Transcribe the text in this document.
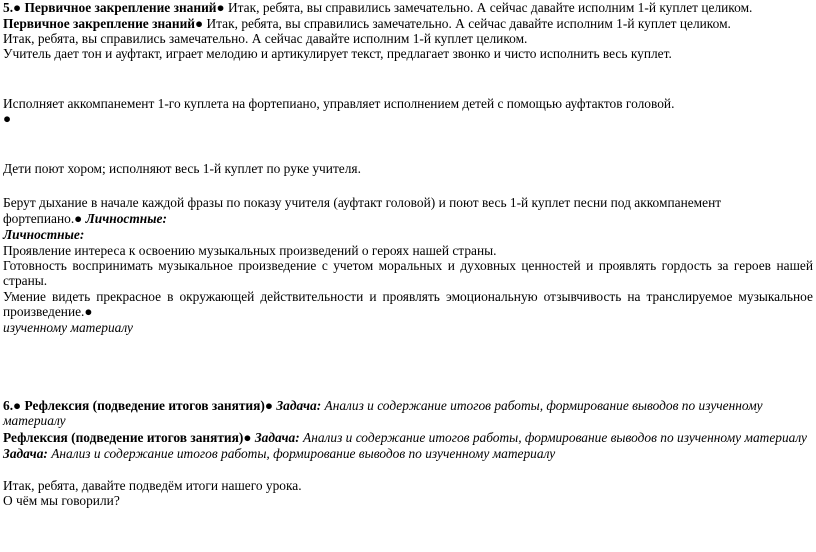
5.● Первичное закрепление знаний● Итак, ребята, вы справились замечательно. А сейчас давайте исполним 1-й куплет целиком.
Первичное закрепление знаний● Итак, ребята, вы справились замечательно. А сейчас давайте исполним 1-й куплет целиком.
Итак, ребята, вы справились замечательно. А сейчас давайте исполним 1-й куплет целиком.
Учитель дает тон и ауфтакт, играет мелодию и артикулирует текст, предлагает звонко и чисто исполнить весь куплет.
Исполняет аккомпанемент 1-го куплета на фортепиано, управляет исполнением детей с помощью ауфтактов головой.
●
Дети поют хором; исполняют весь 1-й куплет по руке учителя.
Берут дыхание в начале каждой фразы по показу учителя (ауфтакт головой) и поют весь 1-й куплет песни под аккомпанемент
фортепиано.● Личностные:
Личностные:
Проявление интереса к освоению музыкальных произведений о героях нашей страны.
Готовность воспринимать музыкальное произведение с учетом моральных и духовных ценностей и проявлять гордость за героев нашей
страны.
Умение видеть прекрасное в окружающей действительности и проявлять эмоциональную отзывчивость на транслируемое музыкальное
произведение.●
изученному материалу
6.● Рефлексия (подведение итогов занятия)● Задача: Анализ и содержание итогов работы, формирование выводов по изученному
материалу
Рефлексия (подведение итогов занятия)● Задача: Анализ и содержание итогов работы, формирование выводов по изученному материалу
Задача: Анализ и содержание итогов работы, формирование выводов по изученному материалу
Итак, ребята, давайте подведём итоги нашего урока.
О чём мы говорили?
